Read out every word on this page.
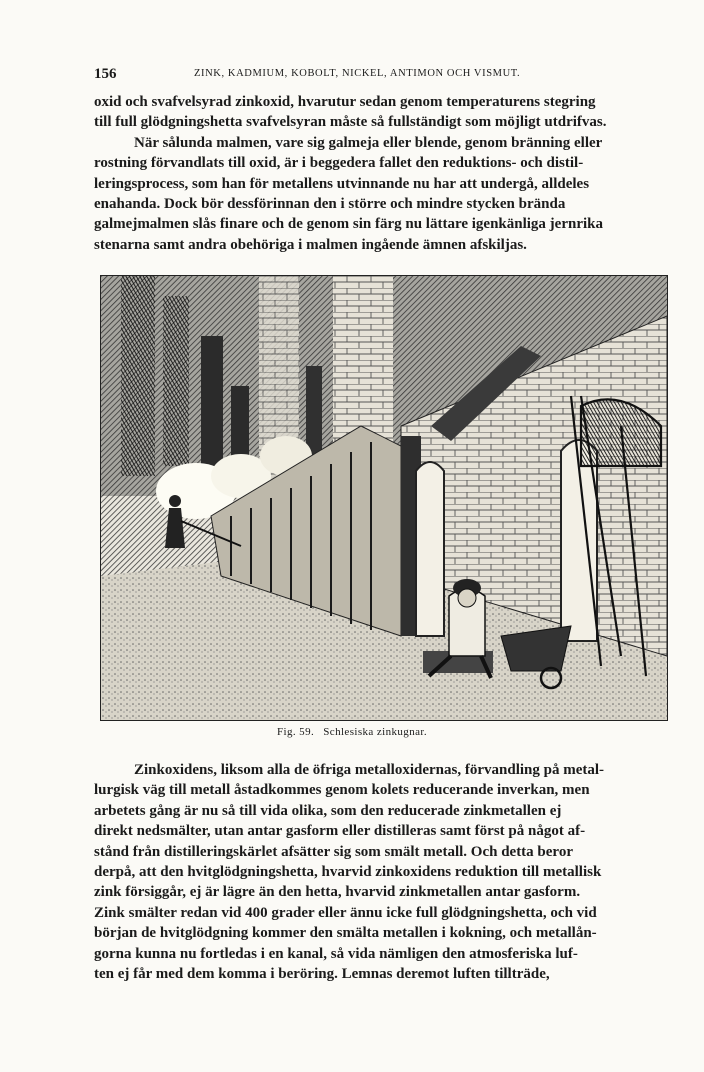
156	ZINK, KADMIUM, KOBOLT, NICKEL, ANTIMON OCH VISMUT.

oxid och svafvelsyrad zinkoxid, hvarutur sedan genom temperaturens stegring
till full glödgningshetta svafvelsyran måste så fullständigt som möjligt utdrifvas.
När sålunda malmen, vare sig galmeja eller blende, genom bränning eller
rostning förvandlats till oxid, är i beggedera fallet den reduktions- och distil-
leringsprocess, som han för metallens utvinnande nu har att undergå, alldeles
enahanda. Dock bör dessförinnan den i större och mindre stycken brända
galmejmalmen slås finare och de genom sin färg nu lättare igenkänliga jernrika
stenarna samt andra obehöriga i malmen ingående ämnen afskiljas.

Fig. 59. Schlesiska zinkugnar.

Zinkoxidens, liksom alla de öfriga metalloxidernas, förvandling på metal-
lurgisk väg till metall åstadkommes genom kolets reducerande inverkan, men
arbetets gång är nu så till vida olika, som den reducerade zinkmetallen ej
direkt nedsmälter, utan antar gasform eller distilleras samt först på något af-
stånd från distilleringskärlet afsätter sig som smält metall. Och detta beror
derpå, att den hvitglödgningshetta, hvarvid zinkoxidens reduktion till metallisk
zink försiggår, ej är lägre än den hetta, hvarvid zinkmetallen antar gasform.
Zink smälter redan vid 400 grader eller ännu icke full glödgningshetta, och vid
början de hvitglödgning kommer den smälta metallen i kokning, och metallån-
gorna kunna nu fortledas i en kanal, så vida nämligen den atmosferiska luf-
ten ej får med dem komma i beröring. Lemnas deremot luften tillträde,
